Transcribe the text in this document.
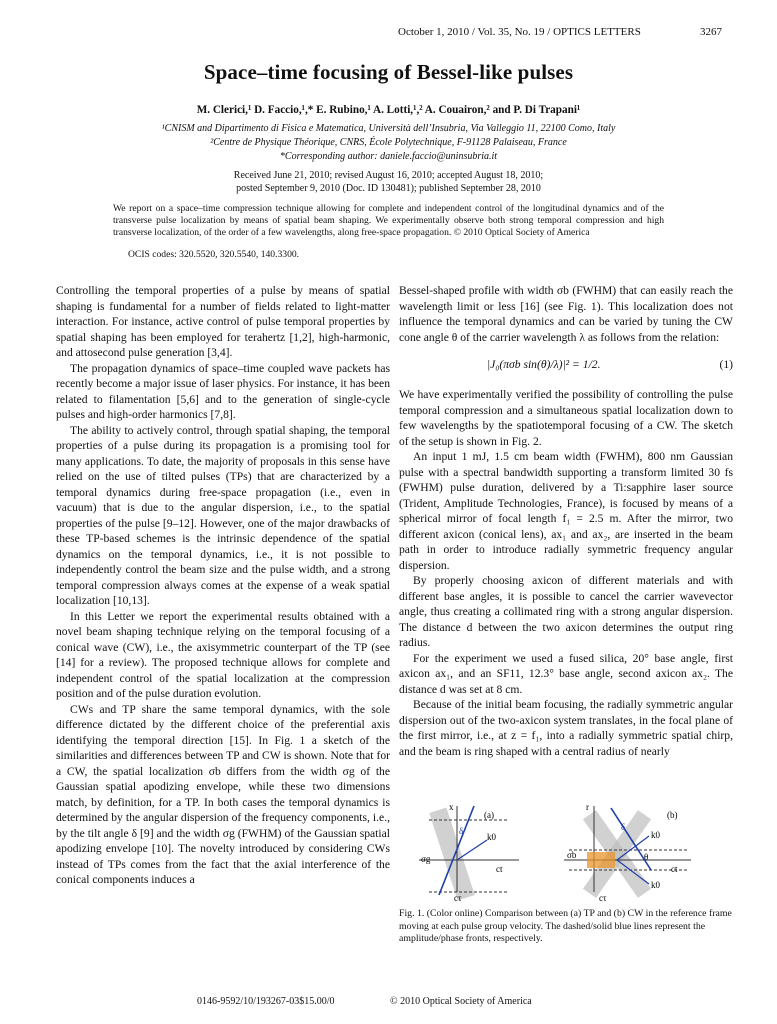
October 1, 2010 / Vol. 35, No. 19 / OPTICS LETTERS	3267
Space–time focusing of Bessel-like pulses
M. Clerici,¹ D. Faccio,¹,* E. Rubino,¹ A. Lotti,¹,² A. Couairon,² and P. Di Trapani¹
¹CNISM and Dipartimento di Fisica e Matematica, Università dell’Insubria, Via Valleggio 11, 22100 Como, Italy
²Centre de Physique Théorique, CNRS, École Polytechnique, F-91128 Palaiseau, France
*Corresponding author: daniele.faccio@uninsubria.it
Received June 21, 2010; revised August 16, 2010; accepted August 18, 2010;
posted September 9, 2010 (Doc. ID 130481); published September 28, 2010
We report on a space–time compression technique allowing for complete and independent control of the longitudinal dynamics and of the transverse pulse localization by means of spatial beam shaping. We experimentally observe both strong temporal compression and high transverse localization, of the order of a few wavelengths, along free-space propagation. © 2010 Optical Society of America
OCIS codes: 320.5520, 320.5540, 140.3300.

Controlling the temporal properties of a pulse by means of spatial shaping is fundamental for a number of fields related to light-matter interaction. For instance, active control of pulse temporal properties by spatial shaping has been employed for terahertz [1,2], high-harmonic, and attosecond pulse generation [3,4].

The propagation dynamics of space–time coupled wave packets has recently become a major issue of laser physics. For instance, it has been related to filamentation [5,6] and to the generation of single-cycle pulses and high-order harmonics [7,8].

The ability to actively control, through spatial shaping, the temporal properties of a pulse during its propagation is a promising tool for many applications. To date, the majority of proposals in this sense have relied on the use of tilted pulses (TPs) that are characterized by a temporal dynamics during free-space propagation (i.e., even in vacuum) that is due to the angular dispersion, i.e., to the spatial properties of the pulse [9–12]. However, one of the major drawbacks of these TP-based schemes is the intrinsic dependence of the spatial dynamics on the temporal dynamics, i.e., it is not possible to independently control the beam size and the pulse width, and a strong temporal compression always comes at the expense of a weak spatial localization [10,13].

In this Letter we report the experimental results obtained with a novel beam shaping technique relying on the temporal focusing of a conical wave (CW), i.e., the axisymmetric counterpart of the TP (see [14] for a review). The proposed technique allows for complete and independent control of the spatial localization at the compression position and of the pulse duration evolution.

CWs and TP share the same temporal dynamics, with the sole difference dictated by the different choice of the preferential axis identifying the temporal direction [15]. In Fig. 1 a sketch of the similarities and differences between TP and CW is shown. Note that for a CW, the spatial localization σb differs from the width σg of the Gaussian spatial apodizing envelope, while these two dimensions match, by definition, for a TP. In both cases the temporal dynamics is determined by the angular dispersion of the frequency components, i.e., by the tilt angle δ [9] and the width σg (FWHM) of the Gaussian spatial apodizing envelope [10]. The novelty introduced by considering CWs instead of TPs comes from the fact that the axial interference of the conical components induces a

Bessel-shaped profile with width σb (FWHM) that can easily reach the wavelength limit or less [16] (see Fig. 1). This localization does not influence the temporal dynamics and can be varied by tuning the CW cone angle θ of the carrier wavelength λ as follows from the relation:

|J₀(πσb sin(θ)/λ)|² = 1/2.	(1)

We have experimentally verified the possibility of controlling the pulse temporal compression and a simultaneous spatial localization down to few wavelengths by the spatiotemporal focusing of a CW. The sketch of the setup is shown in Fig. 2.

An input 1 mJ, 1.5 cm beam width (FWHM), 800 nm Gaussian pulse with a spectral bandwidth supporting a transform limited 30 fs (FWHM) pulse duration, delivered by a Ti:sapphire laser source (Trident, Amplitude Technologies, France), is focused by means of a spherical mirror of focal length f₁ = 2.5 m. After the mirror, two different axicon (conical lens), ax₁ and ax₂, are inserted in the beam path in order to introduce radially symmetric frequency angular dispersion.

By properly choosing axicon of different materials and with different base angles, it is possible to cancel the carrier wavevector angle, thus creating a collimated ring with a strong angular dispersion. The distance d between the two axicon determines the output ring radius.

For the experiment we used a fused silica, 20° base angle, first axicon ax₁, and an SF11, 12.3° base angle, second axicon ax₂. The distance d was set at 8 cm.

Because of the initial beam focusing, the radially symmetric angular dispersion out of the two-axicon system translates, in the focal plane of the first mirror, i.e., at z = f₁, into a radially symmetric spatial chirp, and the beam is ring shaped with a central radius of nearly

x
(a)
δ
k0
ct
σg
cτ
r
(b)
δ
k0
k0
θ
ct
σb
cτ
Fig. 1. (Color online) Comparison between (a) TP and (b) CW in the reference frame moving at each pulse group velocity. The dashed/solid blue lines represent the amplitude/phase fronts, respectively.
0146-9592/10/193267-03$15.00/0	© 2010 Optical Society of America
